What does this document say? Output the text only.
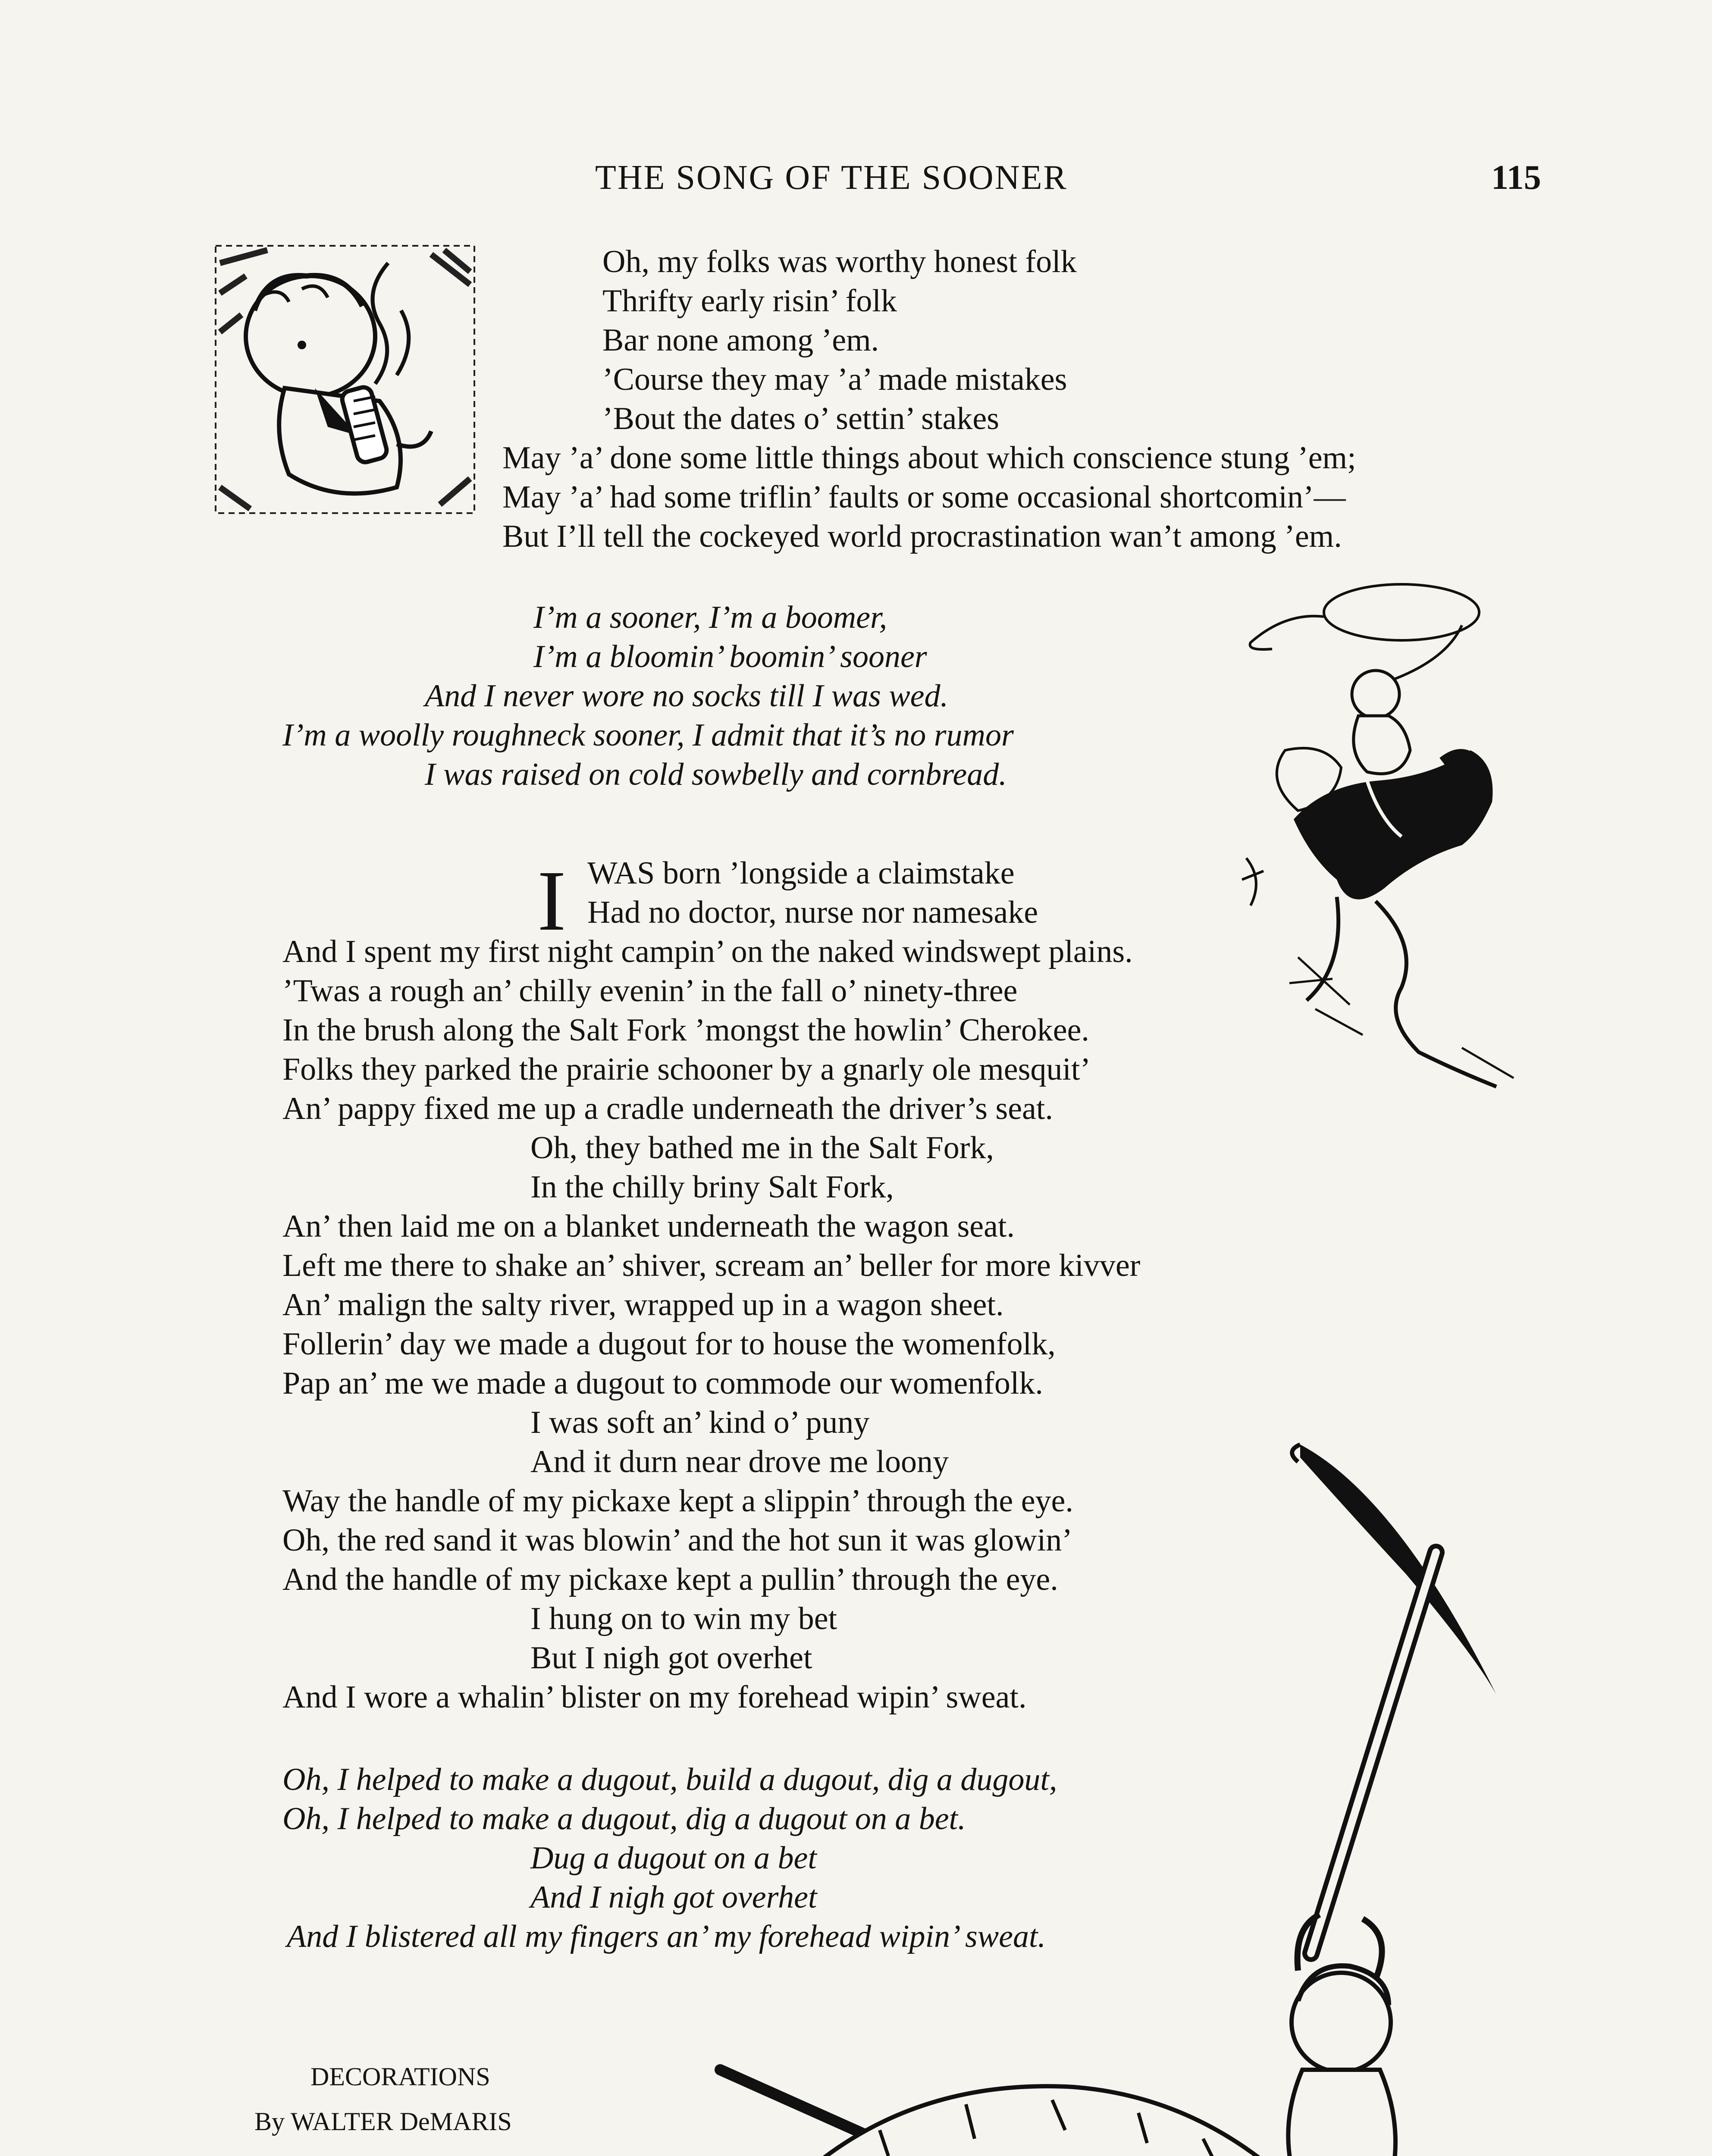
THE SONG OF THE SOONER	115
Oh, my folks was worthy honest folk
Thrifty early risin’ folk
Bar none among ’em.
’Course they may ’a’ made mistakes
’Bout the dates o’ settin’ stakes
May ’a’ done some little things about which conscience stung ’em;
May ’a’ had some triflin’ faults or some occasional shortcomin’—
But I’ll tell the cockeyed world procrastination wan’t among ’em.
I’m a sooner, I’m a boomer,
I’m a bloomin’ boomin’ sooner
And I never wore no socks till I was wed.
I’m a woolly roughneck sooner, I admit that it’s no rumor
I was raised on cold sowbelly and cornbread.
I WAS born ’longside a claimstake
Had no doctor, nurse nor namesake
And I spent my first night campin’ on the naked windswept plains.
’Twas a rough an’ chilly evenin’ in the fall o’ ninety-three
In the brush along the Salt Fork ’mongst the howlin’ Cherokee.
Folks they parked the prairie schooner by a gnarly ole mesquit’
An’ pappy fixed me up a cradle underneath the driver’s seat.
Oh, they bathed me in the Salt Fork,
In the chilly briny Salt Fork,
An’ then laid me on a blanket underneath the wagon seat.
Left me there to shake an’ shiver, scream an’ beller for more kivver
An’ malign the salty river, wrapped up in a wagon sheet.
Follerin’ day we made a dugout for to house the womenfolk,
Pap an’ me we made a dugout to commode our womenfolk.
I was soft an’ kind o’ puny
And it durn near drove me loony
Way the handle of my pickaxe kept a slippin’ through the eye.
Oh, the red sand it was blowin’ and the hot sun it was glowin’
And the handle of my pickaxe kept a pullin’ through the eye.
I hung on to win my bet
But I nigh got overhet
And I wore a whalin’ blister on my forehead wipin’ sweat.
Oh, I helped to make a dugout, build a dugout, dig a dugout,
Oh, I helped to make a dugout, dig a dugout on a bet.
Dug a dugout on a bet
And I nigh got overhet
And I blistered all my fingers an’ my forehead wipin’ sweat.
DECORATIONS
By WALTER DeMARIS
